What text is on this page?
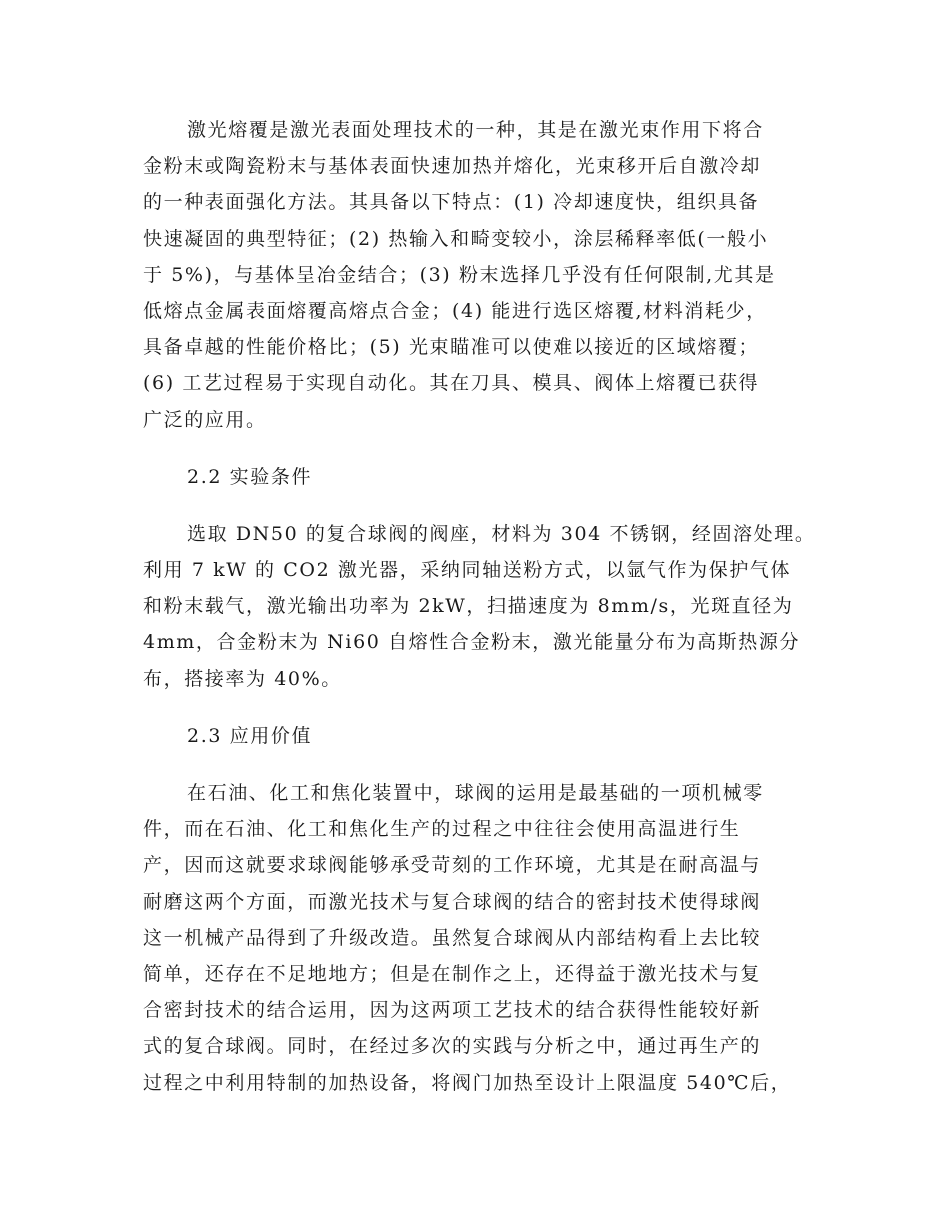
激光熔覆是激光表面处理技术的一种，其是在激光束作用下将合
金粉末或陶瓷粉末与基体表面快速加热并熔化，光束移开后自激冷却
的一种表面强化方法。其具备以下特点：(1) 冷却速度快，组织具备
快速凝固的典型特征；(2) 热输入和畸变较小，涂层稀释率低(一般小
于 5%)，与基体呈冶金结合；(3) 粉末选择几乎没有任何限制,尤其是
低熔点金属表面熔覆高熔点合金；(4) 能进行选区熔覆,材料消耗少，
具备卓越的性能价格比；(5) 光束瞄准可以使难以接近的区域熔覆；
(6) 工艺过程易于实现自动化。其在刀具、模具、阀体上熔覆已获得
广泛的应用。
2.2 实验条件
选取 DN50 的复合球阀的阀座，材料为 304 不锈钢，经固溶处理。
利用 7 kW 的 CO2 激光器，采纳同轴送粉方式，以氩气作为保护气体
和粉末载气，激光输出功率为 2kW，扫描速度为 8mm/s，光斑直径为
4mm，合金粉末为 Ni60 自熔性合金粉末，激光能量分布为高斯热源分
布，搭接率为 40%。
2.3 应用价值
在石油、化工和焦化装置中，球阀的运用是最基础的一项机械零
件，而在石油、化工和焦化生产的过程之中往往会使用高温进行生
产，因而这就要求球阀能够承受苛刻的工作环境，尤其是在耐高温与
耐磨这两个方面，而激光技术与复合球阀的结合的密封技术使得球阀
这一机械产品得到了升级改造。虽然复合球阀从内部结构看上去比较
简单，还存在不足地地方；但是在制作之上，还得益于激光技术与复
合密封技术的结合运用，因为这两项工艺技术的结合获得性能较好新
式的复合球阀。同时，在经过多次的实践与分析之中，通过再生产的
过程之中利用特制的加热设备，将阀门加热至设计上限温度 540℃后，
